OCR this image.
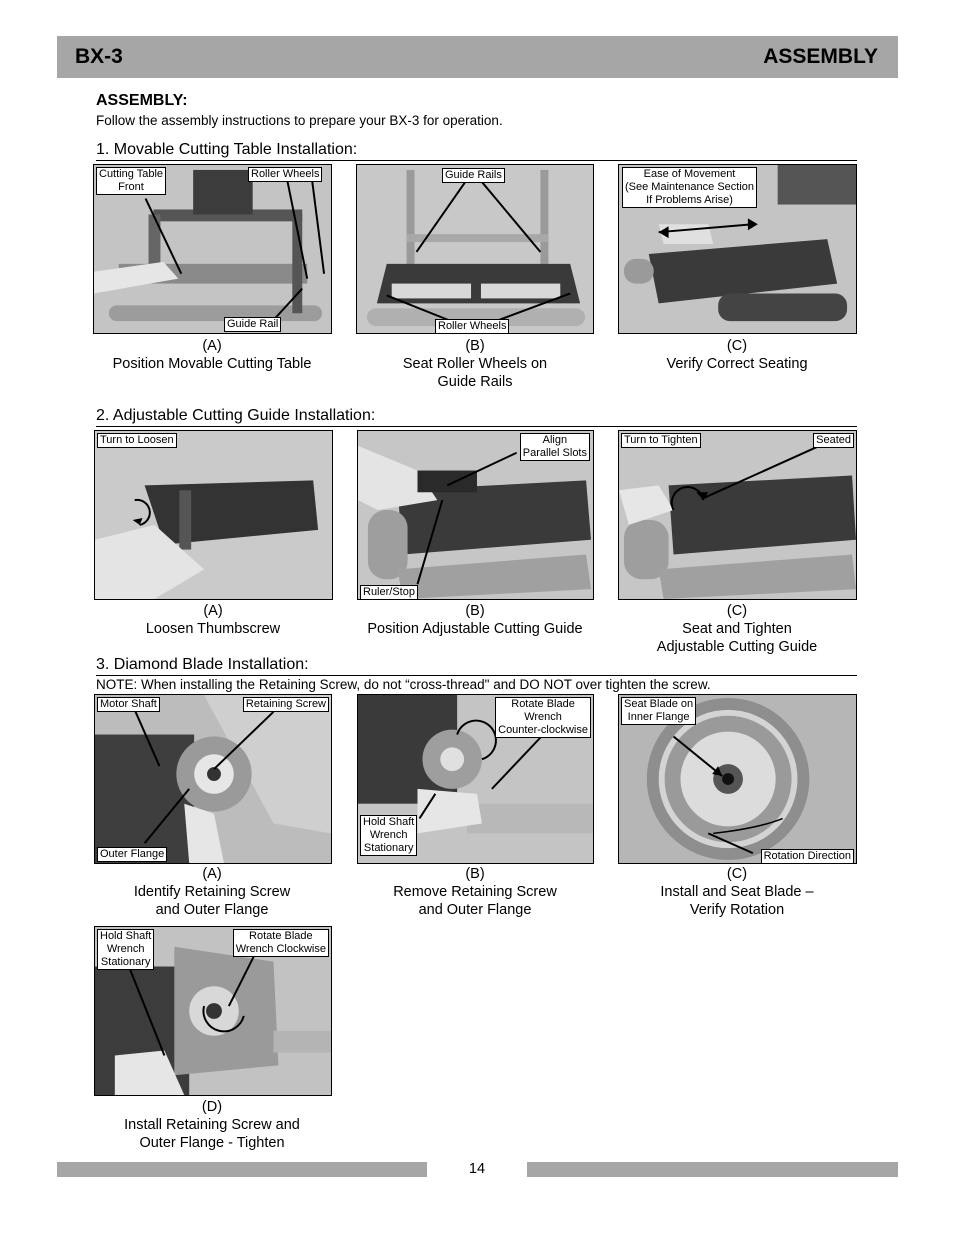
BX-3	ASSEMBLY
ASSEMBLY:
Follow the assembly instructions to prepare your BX-3 for operation.
1. Movable Cutting Table Installation:
2. Adjustable Cutting Guide Installation:
3. Diamond Blade Installation:
NOTE: When installing the Retaining Screw, do not “cross-thread" and DO NOT over tighten the screw.
Cutting Table
Front
Roller Wheels
Guide Rail
(A)
Position Movable Cutting Table
Guide Rails
Roller Wheels
(B)
Seat Roller Wheels on
Guide Rails
Ease of Movement
(See Maintenance Section
If Problems Arise)
(C)
Verify Correct Seating
Turn to Loosen
(A)
Loosen Thumbscrew
Align
Parallel Slots
Ruler/Stop
(B)
Position Adjustable Cutting Guide
Turn to Tighten	Seated
(C)
Seat and Tighten
Adjustable Cutting Guide
Motor Shaft	Retaining Screw
Outer Flange
(A)
Identify Retaining Screw
and Outer Flange
Rotate Blade
Wrench
Counter-clockwise
Hold Shaft
Wrench
Stationary
(B)
Remove Retaining Screw
and Outer Flange
Seat Blade on
Inner Flange
Rotation Direction
(C)
Install and Seat Blade –
Verify Rotation
Hold Shaft
Wrench
Stationary
Rotate Blade
Wrench Clockwise
(D)
Install Retaining Screw and
Outer Flange - Tighten
14
